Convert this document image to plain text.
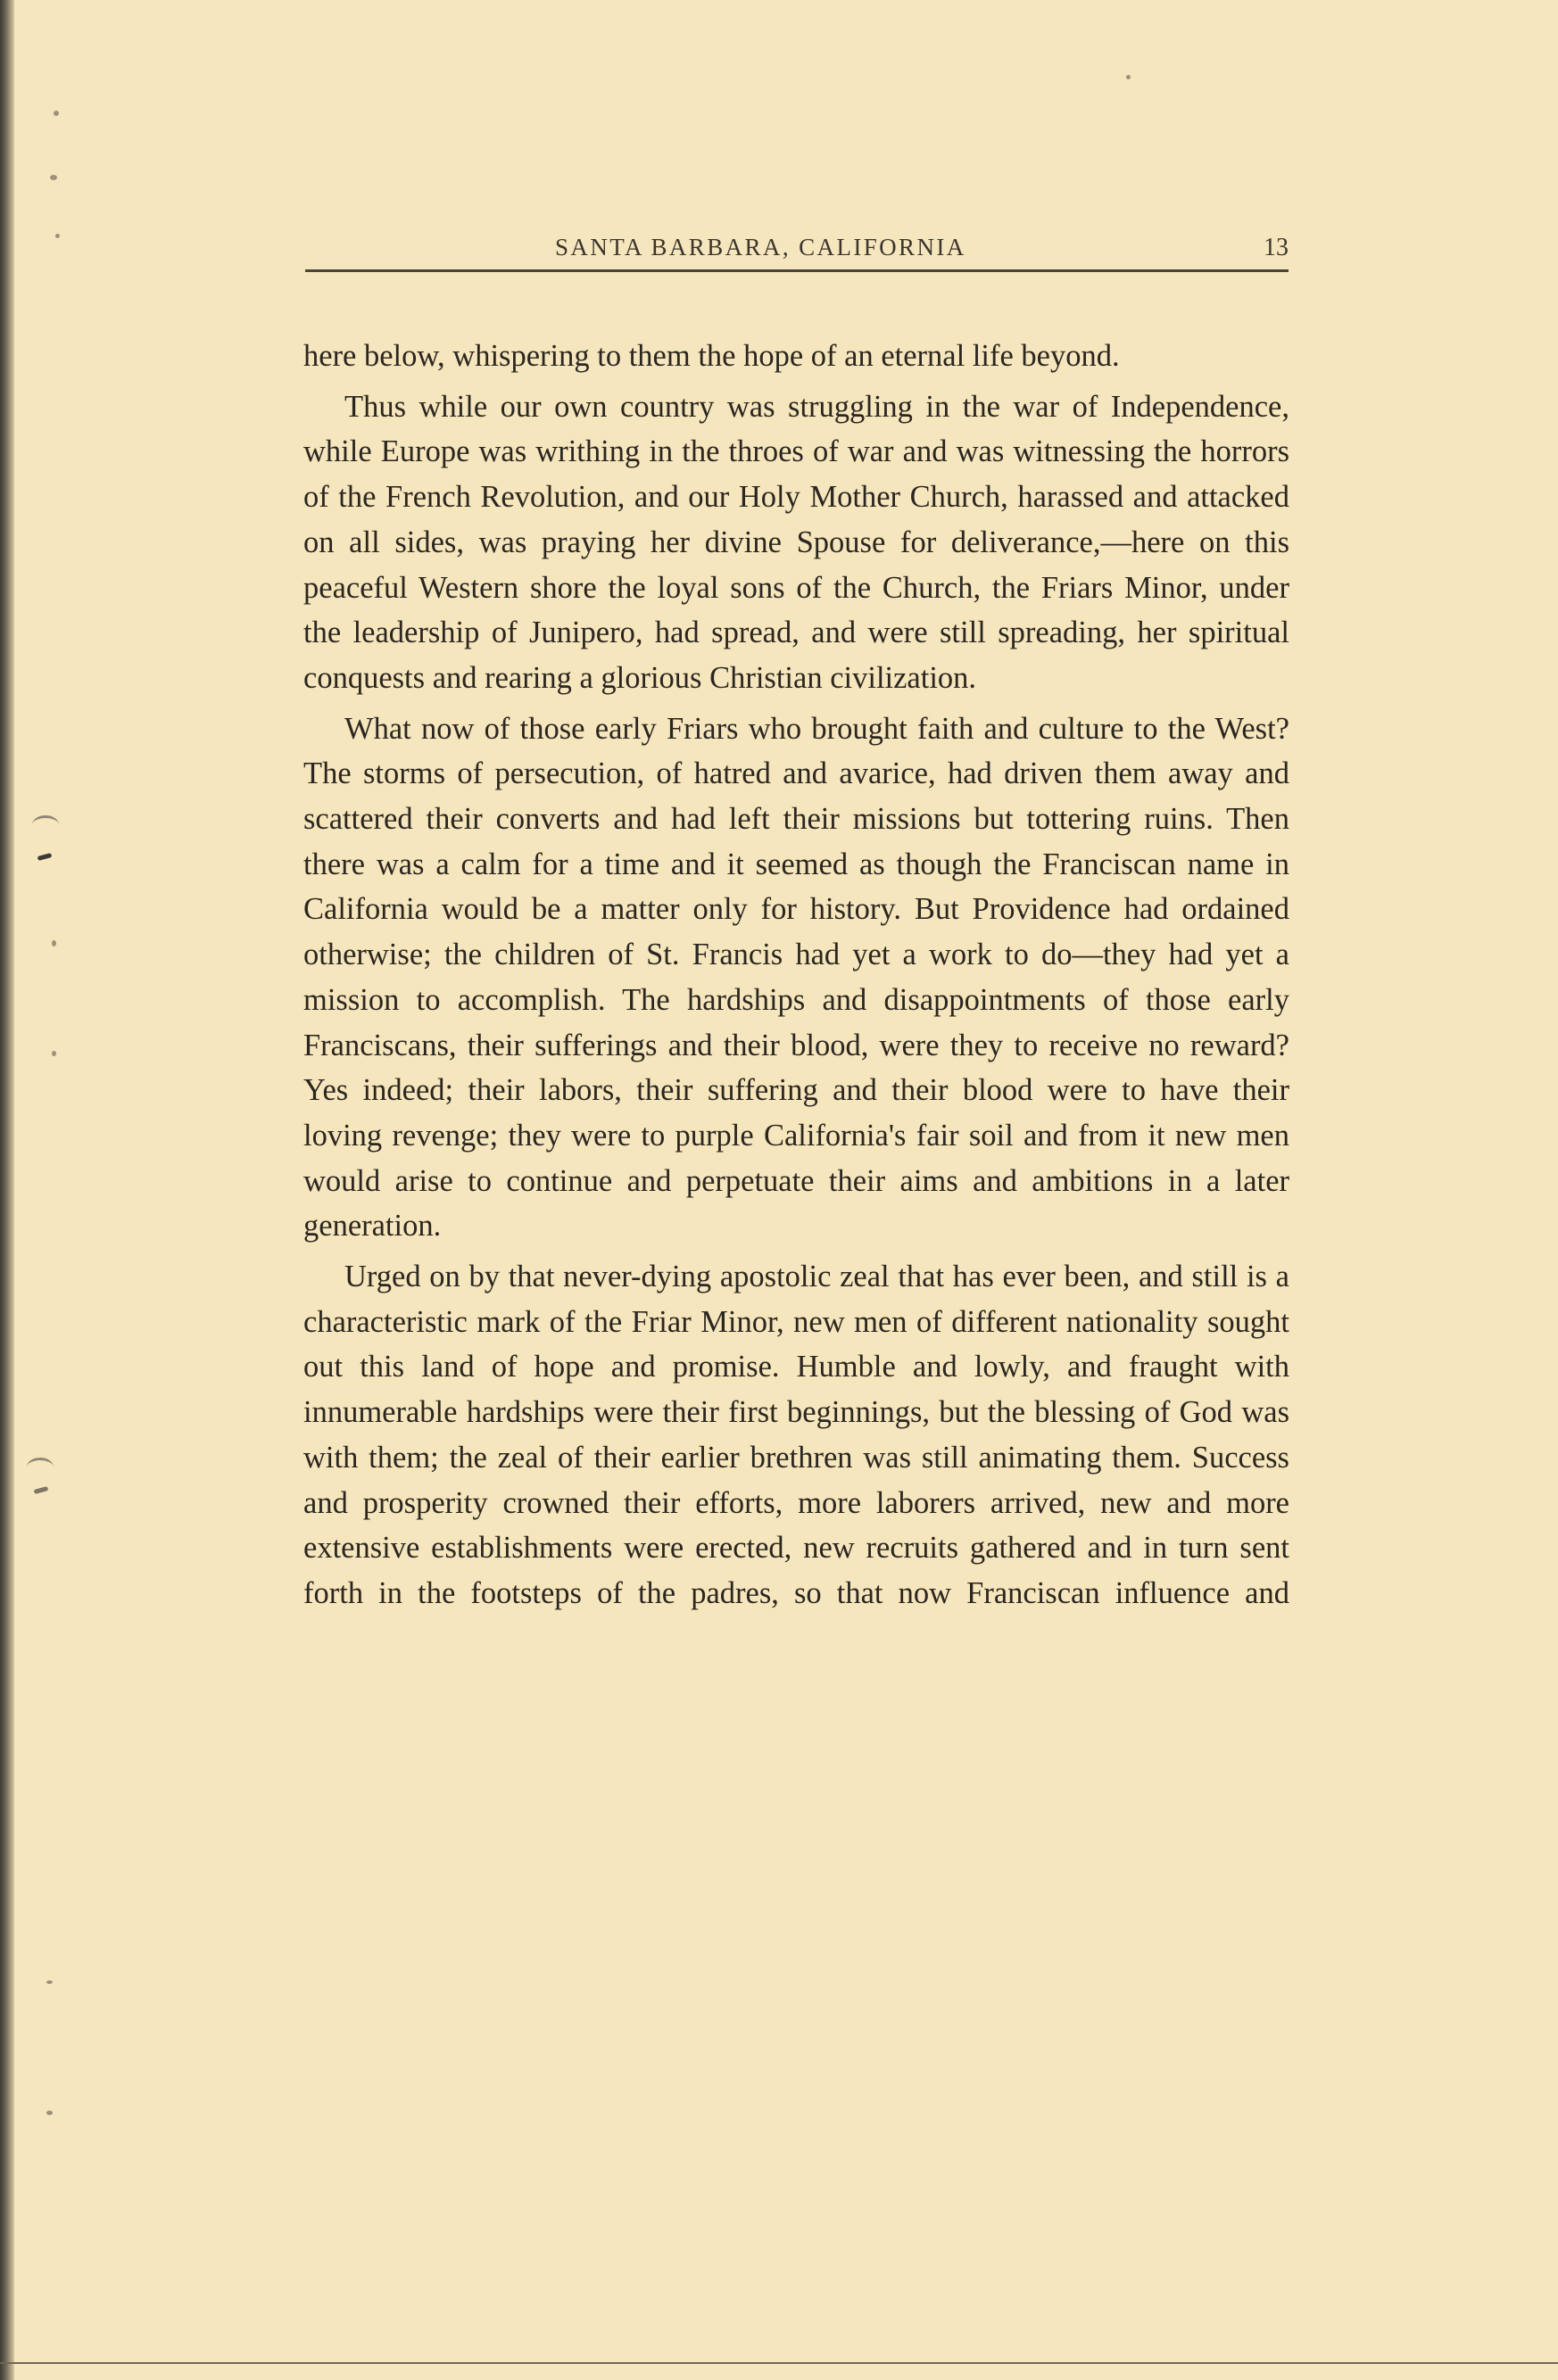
SANTA BARBARA, CALIFORNIA	13

here below, whispering to them the hope of an eternal life beyond.

Thus while our own country was struggling in the war of Independence, while Europe was writhing in the throes of war and was witnessing the horrors of the French Revolution, and our Holy Mother Church, harassed and attacked on all sides, was praying her divine Spouse for deliverance,—here on this peaceful Western shore the loyal sons of the Church, the Friars Minor, under the leadership of Junipero, had spread, and were still spreading, her spiritual conquests and rearing a glorious Christian civilization.

What now of those early Friars who brought faith and culture to the West? The storms of persecution, of hatred and avarice, had driven them away and scattered their converts and had left their missions but tottering ruins. Then there was a calm for a time and it seemed as though the Franciscan name in California would be a matter only for history. But Providence had ordained otherwise; the children of St. Francis had yet a work to do—they had yet a mission to accomplish. The hardships and disappointments of those early Franciscans, their sufferings and their blood, were they to receive no reward? Yes indeed; their labors, their suffering and their blood were to have their loving revenge; they were to purple California's fair soil and from it new men would arise to continue and perpetuate their aims and ambitions in a later generation.

Urged on by that never-dying apostolic zeal that has ever been, and still is a characteristic mark of the Friar Minor, new men of different nationality sought out this land of hope and promise. Humble and lowly, and fraught with innumerable hardships were their first beginnings, but the blessing of God was with them; the zeal of their earlier brethren was still animating them. Success and prosperity crowned their efforts, more laborers arrived, new and more extensive establishments were erected, new recruits gathered and in turn sent forth in the footsteps of the padres, so that now Franciscan influence and
